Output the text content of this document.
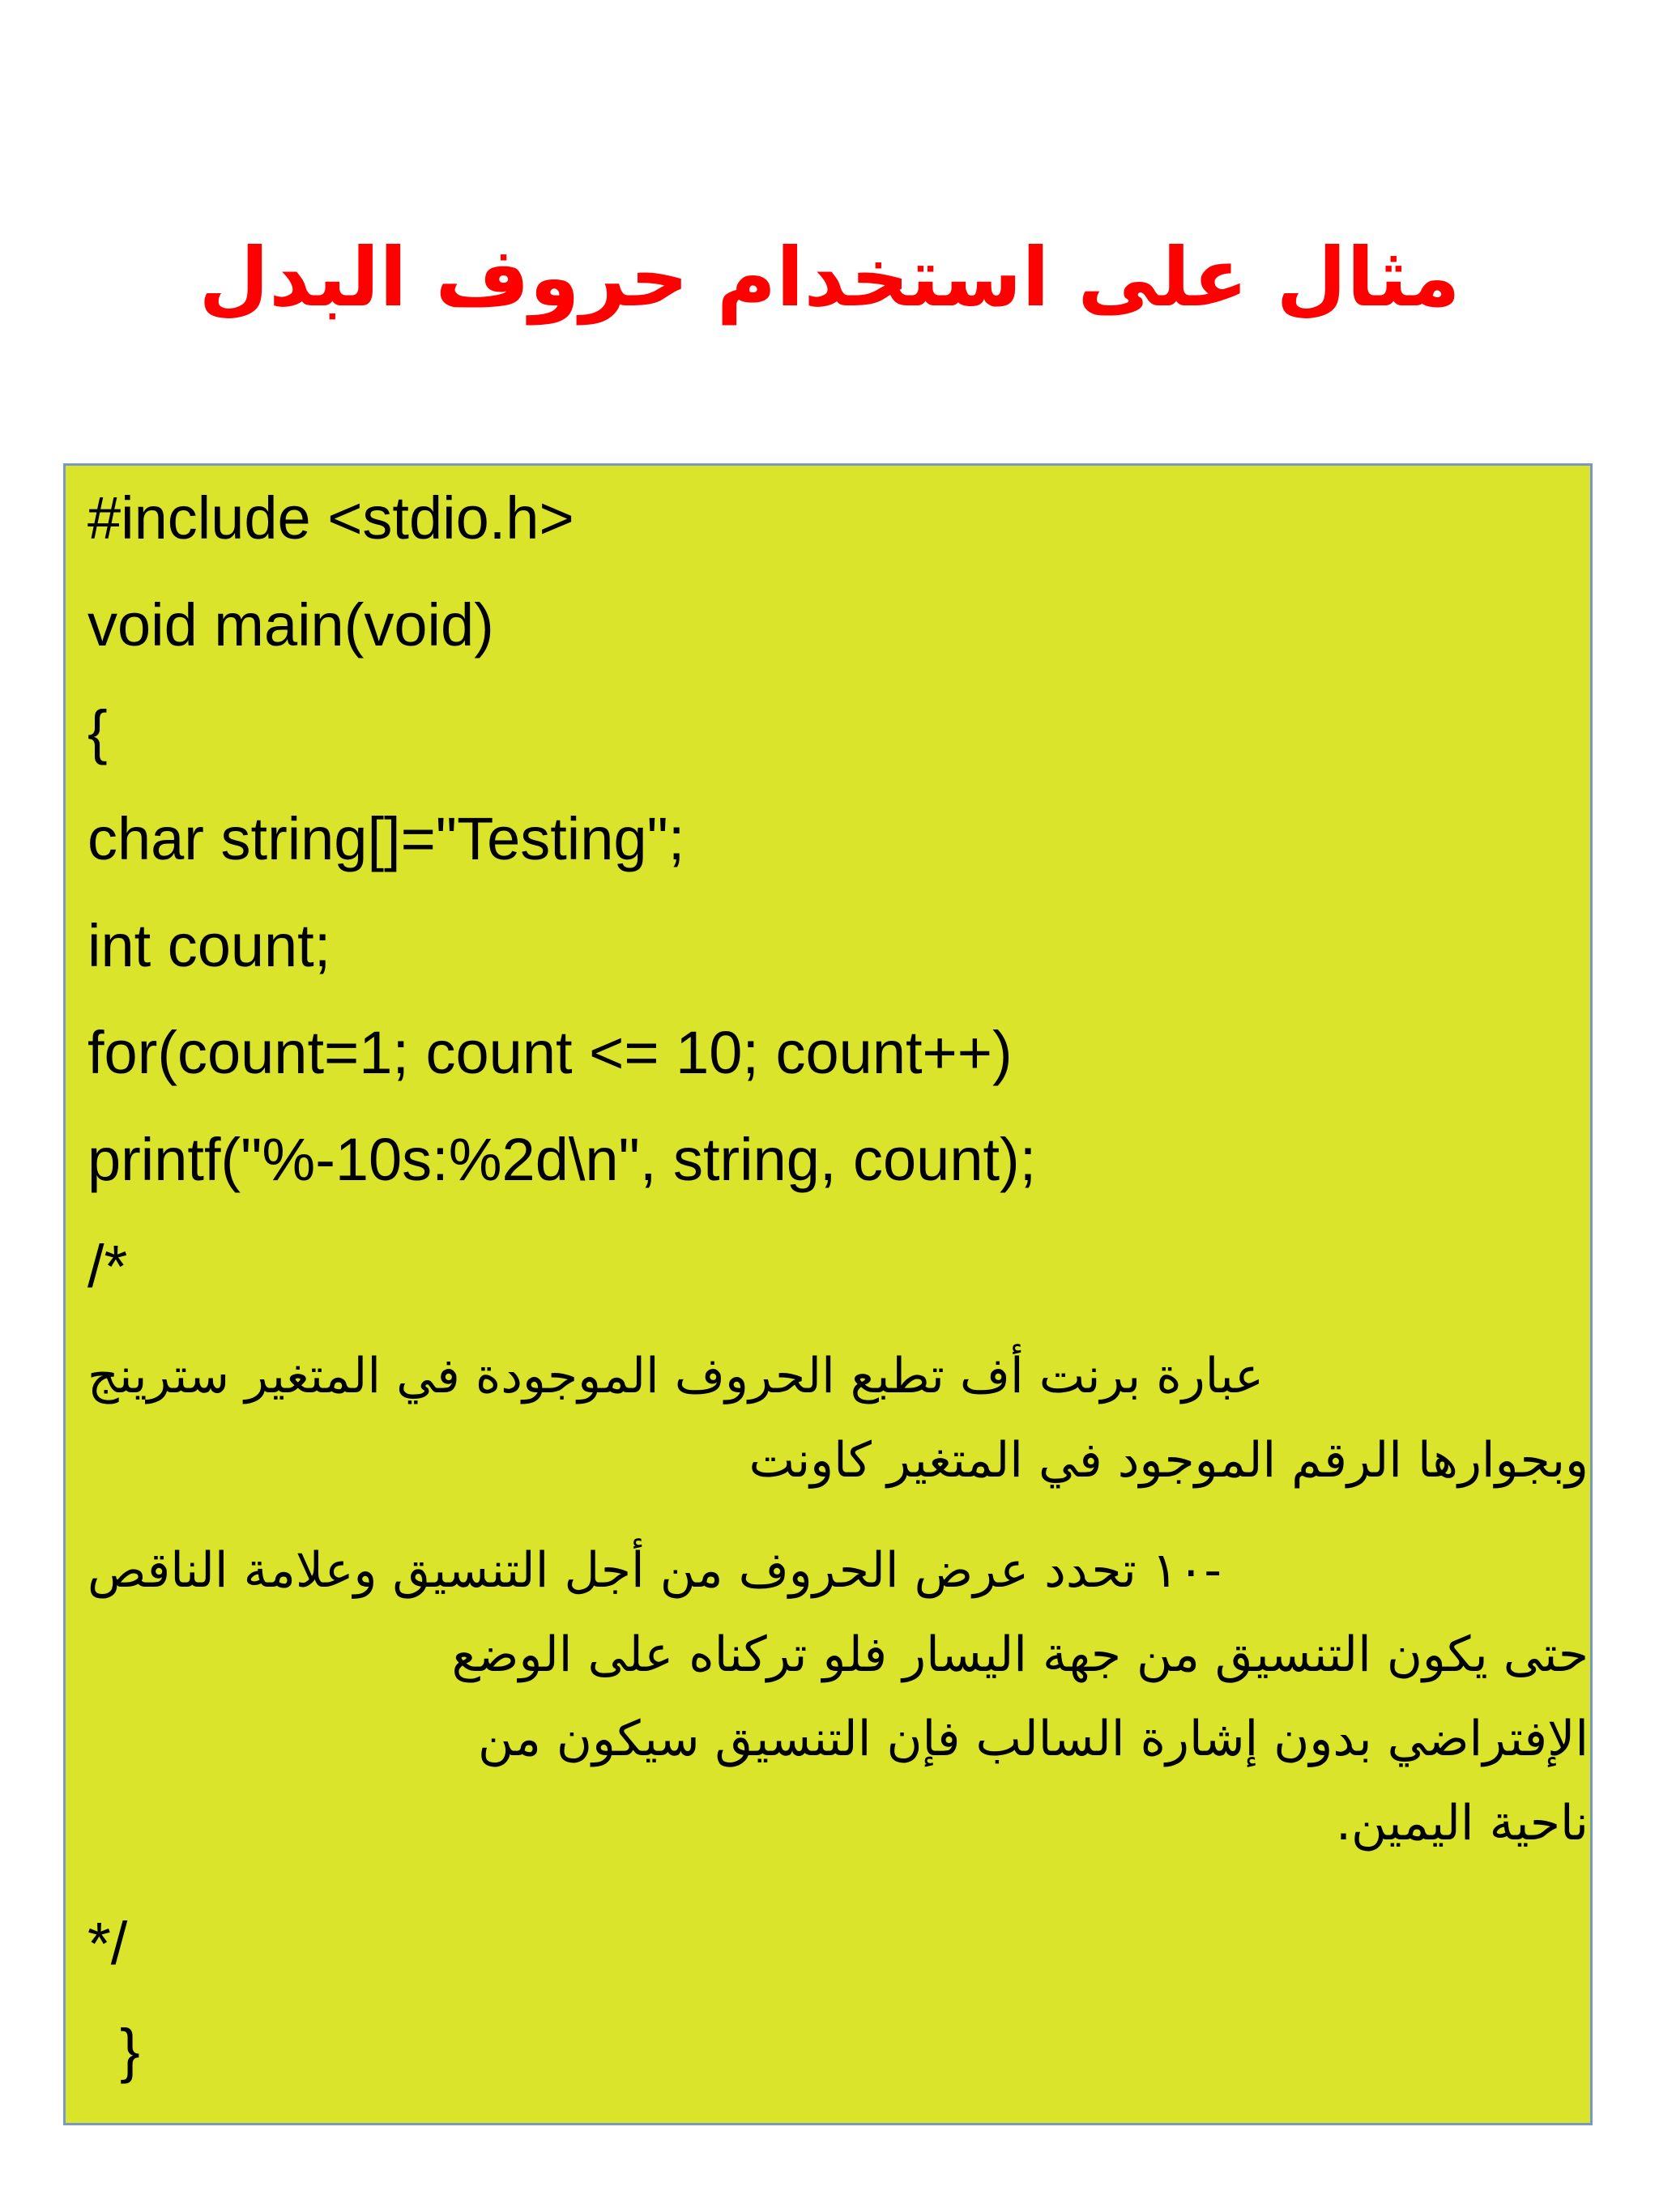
مثال على استخدام حروف البدل
#include <stdio.h>
void main(void)
{
char string[]="Testing";
int count;
for(count=1; count <= 10; count++)
printf("%-10s:%2d\n", string, count);
/*
عبارة برنت أف تطبع الحروف الموجودة في المتغير سترينج
وبجوارها الرقم الموجود في المتغير كاونت
-١٠ تحدد عرض الحروف من أجل التنسيق وعلامة الناقص
حتى يكون التنسيق من جهة اليسار فلو تركناه على الوضع
الإفتراضي بدون إشارة السالب فإن التنسيق سيكون من
ناحية اليمين.
*/
}
